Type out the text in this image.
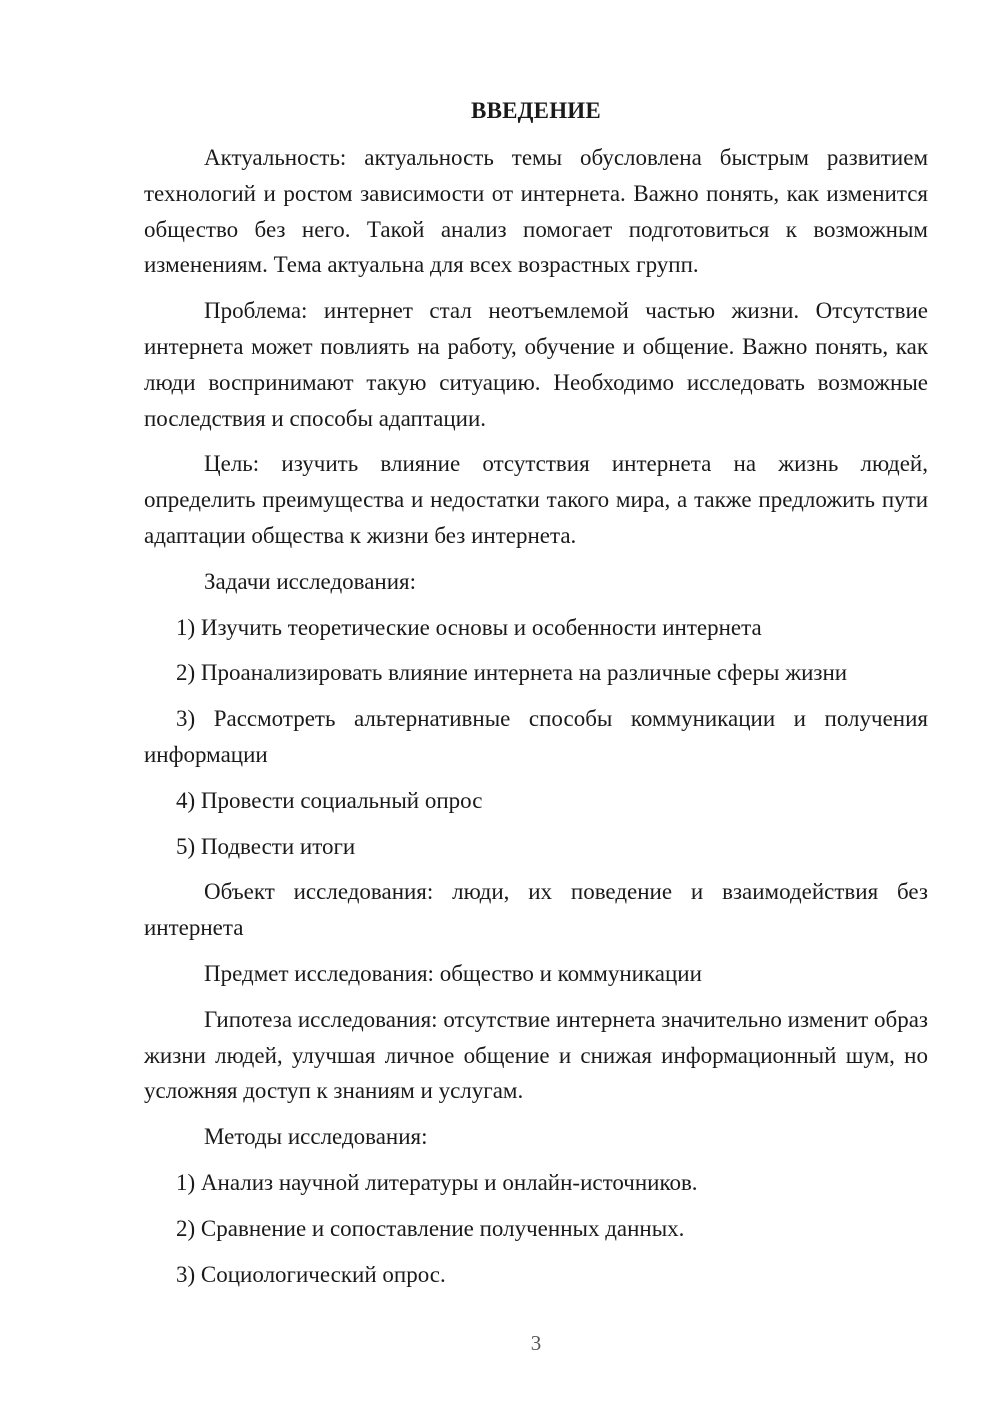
ВВЕДЕНИЕ

Актуальность: актуальность темы обусловлена быстрым развитием технологий и ростом зависимости от интернета. Важно понять, как изменится общество без него. Такой анализ помогает подготовиться к возможным изменениям. Тема актуальна для всех возрастных групп.

Проблема: интернет стал неотъемлемой частью жизни. Отсутствие интернета может повлиять на работу, обучение и общение. Важно понять, как люди воспринимают такую ситуацию. Необходимо исследовать возможные последствия и способы адаптации.

Цель: изучить влияние отсутствия интернета на жизнь людей, определить преимущества и недостатки такого мира, а также предложить пути адаптации общества к жизни без интернета.

Задачи исследования:

1) Изучить теоретические основы и особенности интернета

2) Проанализировать влияние интернета на различные сферы жизни

3) Рассмотреть альтернативные способы коммуникации и получения информации

4) Провести социальный опрос

5) Подвести итоги

Объект исследования: люди, их поведение и взаимодействия без интернета

Предмет исследования: общество и коммуникации

Гипотеза исследования: отсутствие интернета значительно изменит образ жизни людей, улучшая личное общение и снижая информационный шум, но усложняя доступ к знаниям и услугам.

Методы исследования:

1) Анализ научной литературы и онлайн-источников.

2) Сравнение и сопоставление полученных данных.

3) Социологический опрос.

3
